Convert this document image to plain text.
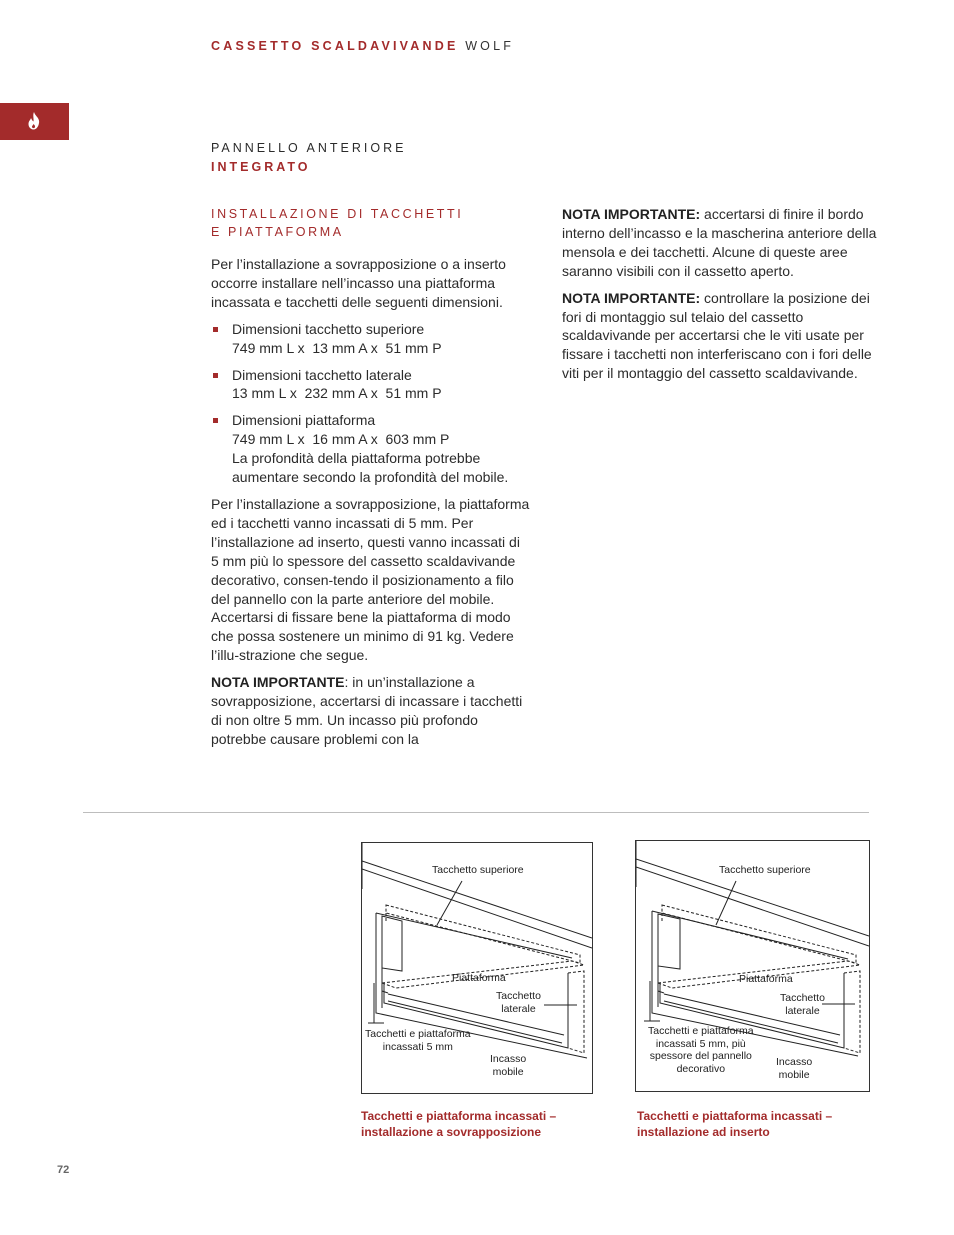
CASSETTO SCALDAVIVANDE WOLF
PANNELLO ANTERIORE
INTEGRATO
INSTALLAZIONE DI TACCHETTI
E PIATTAFORMA

Per l’installazione a sovrapposizione o a inserto occorre installare nell’incasso una piattaforma incassata e tacchetti delle seguenti dimensioni.

Dimensioni tacchetto superiore
749 mm L x  13 mm A x  51 mm P
Dimensioni tacchetto laterale
13 mm L x  232 mm A x  51 mm P
Dimensioni piattaforma
749 mm L x  16 mm A x  603 mm P
La profondità della piattaforma potrebbe aumentare secondo la profondità del mobile.

Per l’installazione a sovrapposizione, la piattaforma ed i tacchetti vanno incassati di 5 mm. Per l’installazione ad inserto, questi vanno incassati di 5 mm più lo spessore del cassetto scaldavivande decorativo, consen-tendo il posizionamento a filo del pannello con la parte anteriore del mobile. Accertarsi di fissare bene la piattaforma di modo che possa sostenere un minimo di 91 kg. Vedere l’illu-strazione che segue.

NOTA IMPORTANTE: in un’installazione a sovrapposizione, accertarsi di incassare i tacchetti di non oltre 5 mm. Un incasso più profondo potrebbe causare problemi con la

NOTA IMPORTANTE: accertarsi di finire il bordo interno dell’incasso e la mascherina anteriore della mensola e dei tacchetti. Alcune di queste aree saranno visibili con il cassetto aperto.

NOTA IMPORTANTE: controllare la posizione dei fori di montaggio sul telaio del cassetto scaldavivande per accertarsi che le viti usate per fissare i tacchetti non interferiscano con i fori delle viti per il montaggio del cassetto scaldavivande.

Tacchetto superiore
Piattaforma
Tacchetto
laterale
Tacchetti e piattaforma
incassati 5 mm
Incasso
mobile
Tacchetti e piattaforma incassati –
installazione a sovrapposizione
Tacchetto superiore
Piattaforma
Tacchetto
laterale
Tacchetti e piattaforma
incassati 5 mm, più
spessore del pannello
decorativo
Incasso
mobile
Tacchetti e piattaforma incassati –
installazione ad inserto
72
